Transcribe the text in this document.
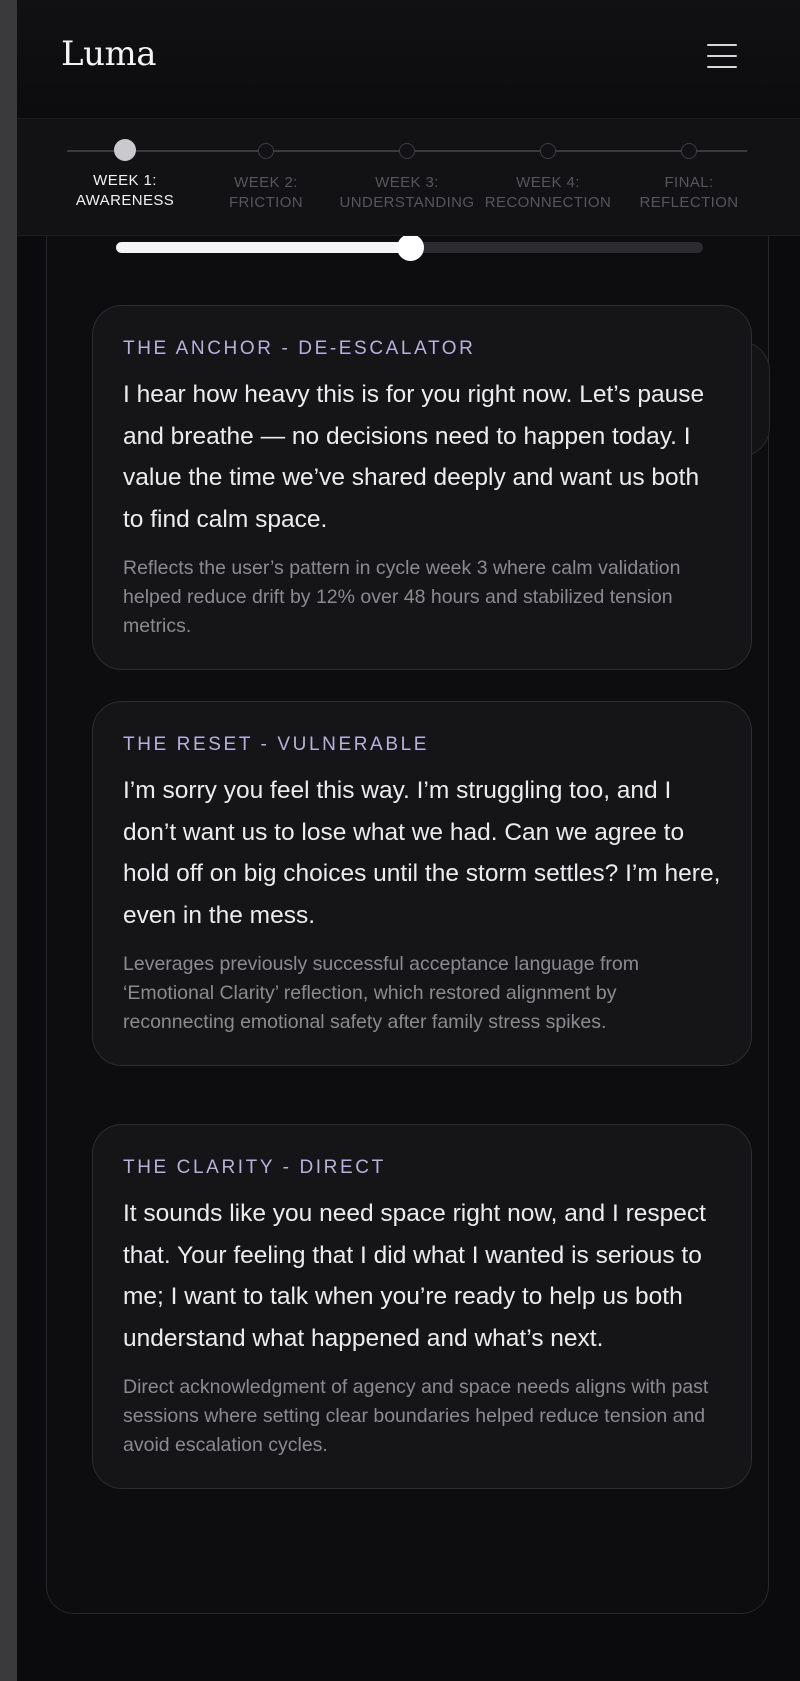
THE ANCHOR - DE-ESCALATOR

I hear how heavy this is for you right now. Let’s pause and breathe — no decisions need to happen today. I value the time we’ve shared deeply and want us both to find calm space.

Reflects the user’s pattern in cycle week 3 where calm validation helped reduce drift by 12% over 48 hours and stabilized tension metrics.

THE RESET - VULNERABLE

I’m sorry you feel this way. I’m struggling too, and I don’t want us to lose what we had. Can we agree to hold off on big choices until the storm settles? I’m here, even in the mess.

Leverages previously successful acceptance language from ‘Emotional Clarity’ reflection, which restored alignment by reconnecting emotional safety after family stress spikes.

THE CLARITY - DIRECT

It sounds like you need space right now, and I respect that. Your feeling that I did what I wanted is serious to me; I want to talk when you’re ready to help us both understand what happened and what’s next.

Direct acknowledgment of agency and space needs aligns with past sessions where setting clear boundaries helped reduce tension and avoid escalation cycles.

Luma
WEEK 1:
AWARENESS
WEEK 2:
FRICTION
WEEK 3:
UNDERSTANDING
WEEK 4:
RECONNECTION
FINAL:
REFLECTION
